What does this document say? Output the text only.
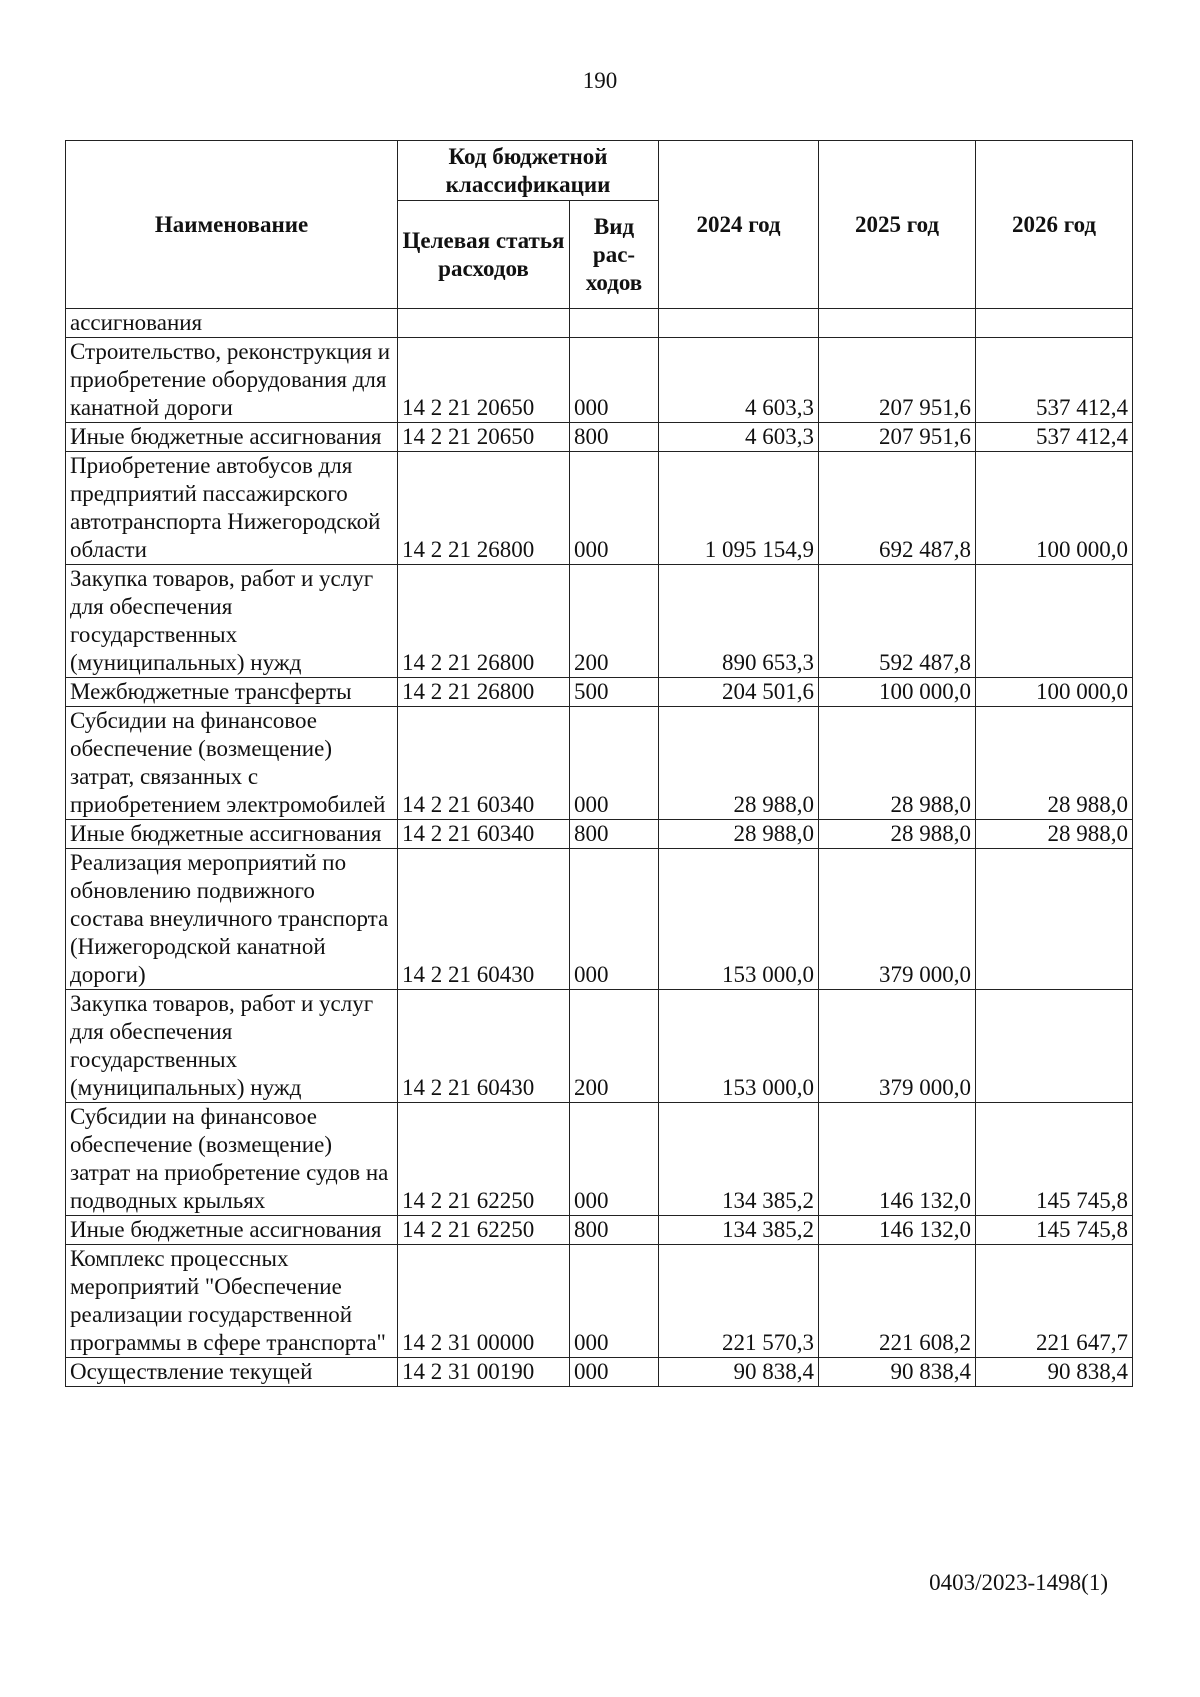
190
Наименование	Код бюджетной классификации		2024 год	2025 год	2026 год
	Целевая статья расходов	Вид рас-ходов			
ассигнования					
Строительство, реконструкция и приобретение оборудования для канатной дороги	14 2 21 20650	000	4 603,3	207 951,6	537 412,4
Иные бюджетные ассигнования	14 2 21 20650	800	4 603,3	207 951,6	537 412,4
Приобретение автобусов для предприятий пассажирского автотранспорта Нижегородской области	14 2 21 26800	000	1 095 154,9	692 487,8	100 000,0
Закупка товаров, работ и услуг для обеспечения государственных (муниципальных) нужд	14 2 21 26800	200	890 653,3	592 487,8	
Межбюджетные трансферты	14 2 21 26800	500	204 501,6	100 000,0	100 000,0
Субсидии на финансовое обеспечение (возмещение) затрат, связанных с приобретением электромобилей	14 2 21 60340	000	28 988,0	28 988,0	28 988,0
Иные бюджетные ассигнования	14 2 21 60340	800	28 988,0	28 988,0	28 988,0
Реализация мероприятий по обновлению подвижного состава внеуличного транспорта (Нижегородской канатной дороги)	14 2 21 60430	000	153 000,0	379 000,0	
Закупка товаров, работ и услуг для обеспечения государственных (муниципальных) нужд	14 2 21 60430	200	153 000,0	379 000,0	
Субсидии на финансовое обеспечение (возмещение) затрат на приобретение судов на подводных крыльях	14 2 21 62250	000	134 385,2	146 132,0	145 745,8
Иные бюджетные ассигнования	14 2 21 62250	800	134 385,2	146 132,0	145 745,8
Комплекс процессных мероприятий "Обеспечение реализации государственной программы в сфере транспорта"	14 2 31 00000	000	221 570,3	221 608,2	221 647,7
Осуществление текущей	14 2 31 00190	000	90 838,4	90 838,4	90 838,4
0403/2023-1498(1)
